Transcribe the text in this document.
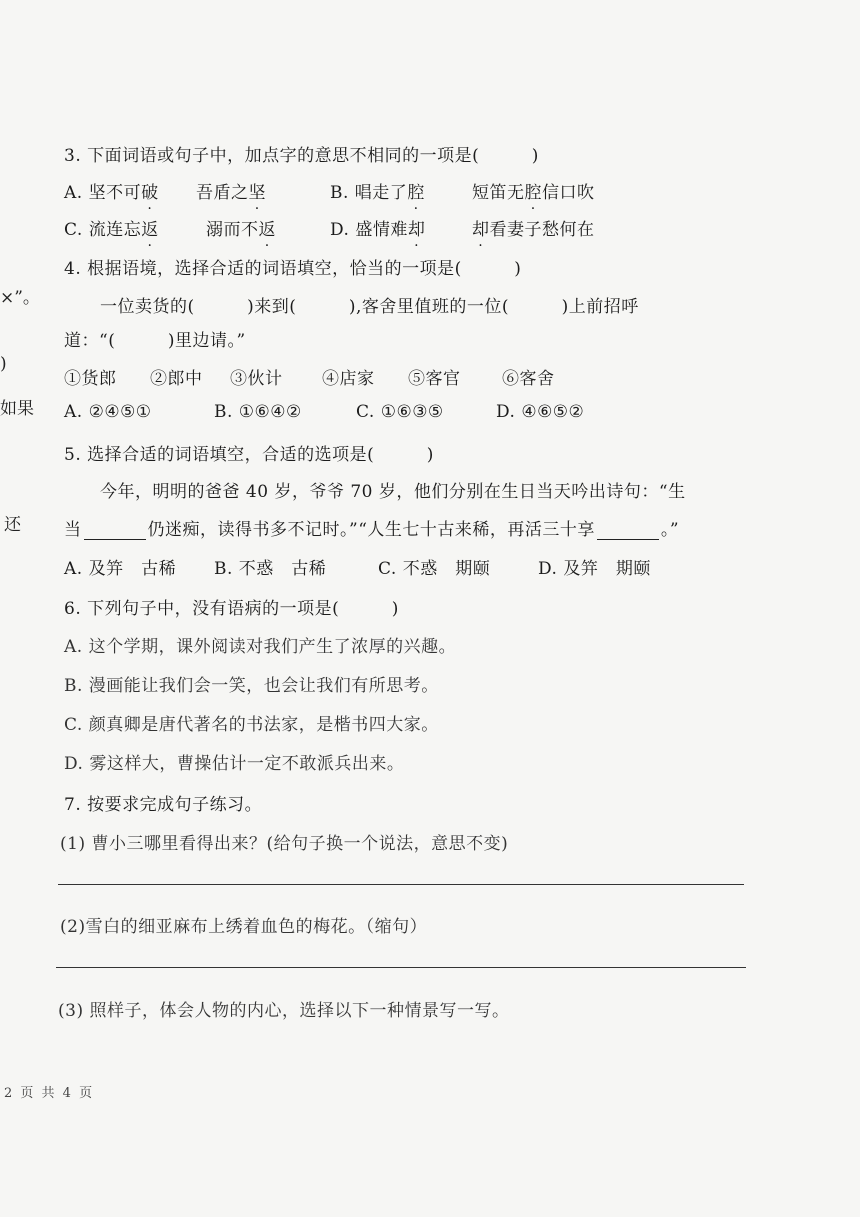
×”。
)
如果
还
3. 下面词语或句子中，加点字的意思不相同的一项是(　　　)
A. 坚不可破 吾盾之坚	B. 唱走了腔	短笛无腔信口吹
C. 流连忘返	溺而不返	D. 盛情难却	却看妻子愁何在
4. 根据语境，选择合适的词语填空，恰当的一项是(　　　)
一位卖货的(　　　)来到(　　　),客舍里值班的一位(　　　)上前招呼
道：“(　　　)里边请。”
①货郎 ②郎中 ③伙计 ④店家 ⑤客官 ⑥客舍
A. ②④⑤①	B. ①⑥④②	C. ①⑥③⑤	D. ④⑥⑤②
5. 选择合适的词语填空，合适的选项是(　　　)
今年，明明的爸爸 40 岁，爷爷 70 岁，他们分别在生日当天吟出诗句：“生
当	仍迷痴，读得书多不记时。”“人生七十古来稀，再活三十享	。”
A. 及笄　古稀 B. 不惑　古稀	C. 不惑　期颐	D. 及笄　期颐
6. 下列句子中，没有语病的一项是(　　　)
A. 这个学期，课外阅读对我们产生了浓厚的兴趣。
B. 漫画能让我们会一笑，也会让我们有所思考。
C. 颜真卿是唐代著名的书法家，是楷书四大家。
D. 雾这样大，曹操估计一定不敢派兵出来。
7. 按要求完成句子练习。
(1) 曹小三哪里看得出来？(给句子换一个说法，意思不变)
(2)雪白的细亚麻布上绣着血色的梅花。（缩句）
(3) 照样子，体会人物的内心，选择以下一种情景写一写。
2 页 共 4 页
